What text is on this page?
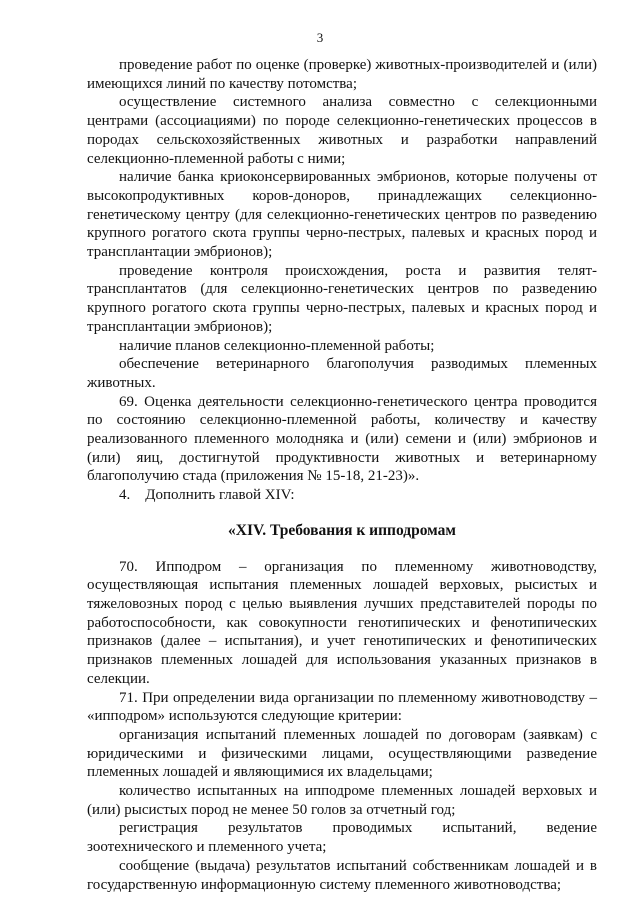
3

проведение работ по оценке (проверке) животных-производителей и (или) имеющихся линий по качеству потомства;

осуществление системного анализа совместно с селекционными центрами (ассоциациями) по породе селекционно-генетических процессов в породах сельскохозяйственных животных и разработки направлений селекционно-племенной работы с ними;

наличие банка криоконсервированных эмбрионов, которые получены от высокопродуктивных коров-доноров, принадлежащих селекционно-генетическому центру (для селекционно-генетических центров по разведению крупного рогатого скота группы черно-пестрых, палевых и красных пород и трансплантации эмбрионов);

проведение контроля происхождения, роста и развития телят-трансплантатов (для селекционно-генетических центров по разведению крупного рогатого скота группы черно-пестрых, палевых и красных пород и трансплантации эмбрионов);

наличие планов селекционно-племенной работы;

обеспечение ветеринарного благополучия разводимых племенных животных.

69. Оценка деятельности селекционно-генетического центра проводится по состоянию селекционно-племенной работы, количеству и качеству реализованного племенного молодняка и (или) семени и (или) эмбрионов и (или) яиц, достигнутой продуктивности животных и ветеринарному благополучию стада (приложения № 15-18, 21-23)».

4.    Дополнить главой XIV:

«XIV. Требования к ипподромам

70. Ипподром – организация по племенному животноводству, осуществляющая испытания племенных лошадей верховых, рысистых и тяжеловозных пород с целью выявления лучших представителей породы по работоспособности, как совокупности генотипических и фенотипических признаков (далее – испытания), и учет генотипических и фенотипических признаков племенных лошадей для использования указанных признаков в селекции.

71. При определении вида организации по племенному животноводству – «ипподром» используются следующие критерии:

организация испытаний племенных лошадей по договорам (заявкам) с юридическими и физическими лицами, осуществляющими разведение племенных лошадей и являющимися их владельцами;

количество испытанных на ипподроме племенных лошадей верховых и (или) рысистых пород не менее 50 голов за отчетный год;

регистрация результатов проводимых испытаний, ведение зоотехнического и племенного учета;

сообщение (выдача) результатов испытаний собственникам лошадей и в государственную информационную систему племенного животноводства;
